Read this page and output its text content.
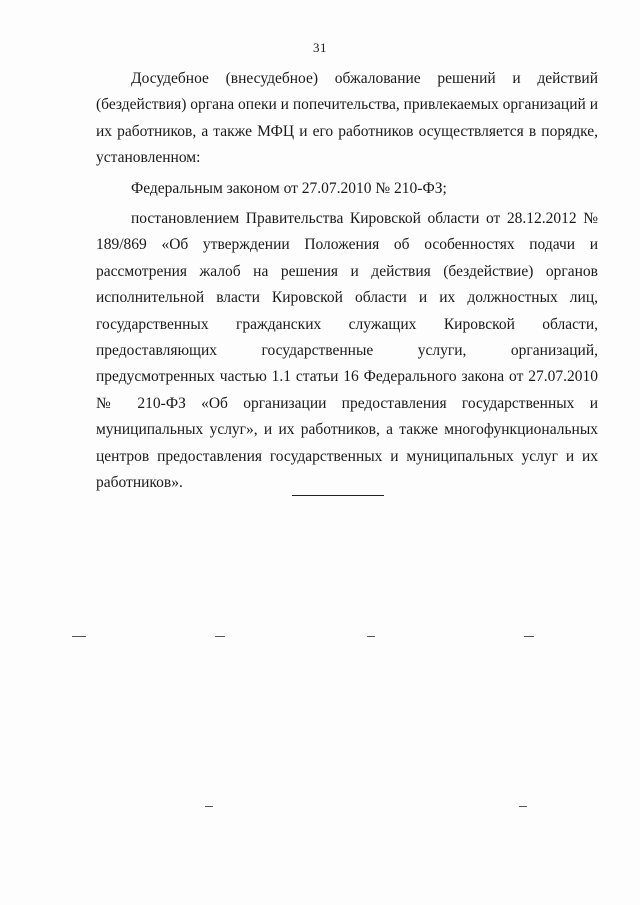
31

Досудебное (внесудебное) обжалование решений и действий (бездействия) органа опеки и попечительства, привлекаемых организаций и их работников, а также МФЦ и его работников осуществляется в порядке, установленном:

Федеральным законом от 27.07.2010 № 210-ФЗ;

постановлением Правительства Кировской области от 28.12.2012 № 189/869 «Об утверждении Положения об особенностях подачи и рассмотрения жалоб на решения и действия (бездействие) органов исполнительной власти Кировской области и их должностных лиц, государственных гражданских служащих Кировской области, предоставляющих государственные услуги, организаций, предусмотренных частью 1.1 статьи 16 Федерального закона от 27.07.2010 № 210-ФЗ «Об организации предоставления государственных и муниципальных услуг», и их работников, а также многофункциональных центров предоставления государственных и муниципальных услуг и их работников».
